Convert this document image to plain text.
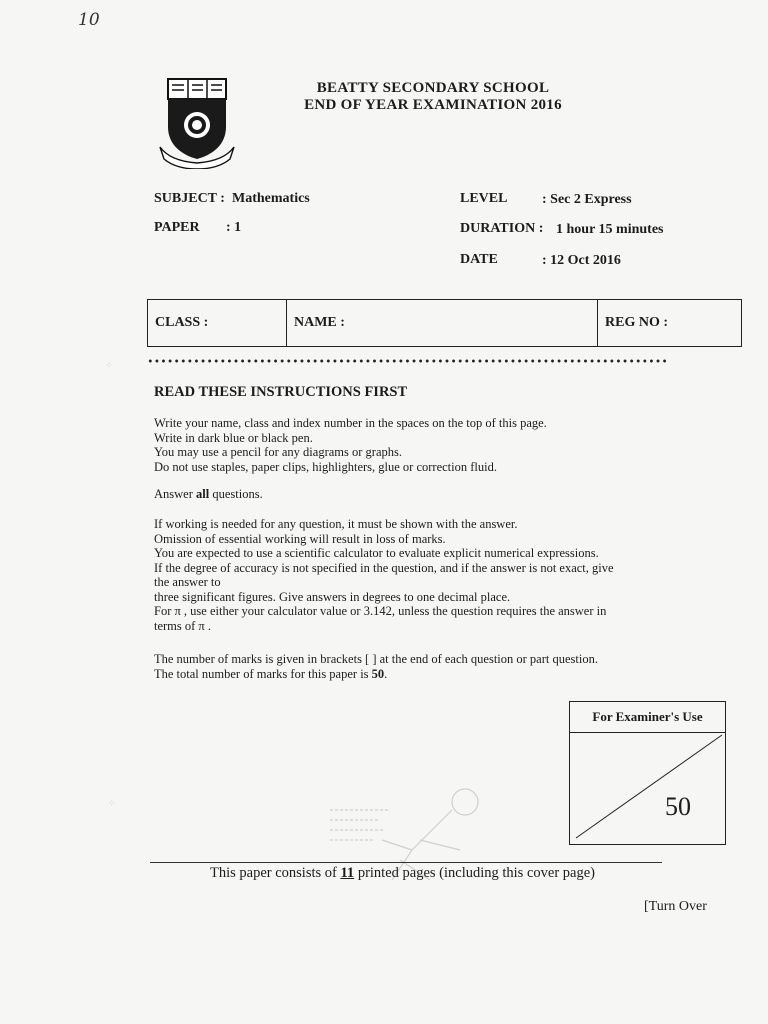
10
BEATTY SECONDARY SCHOOL
END OF YEAR EXAMINATION 2016
SUBJECT : Mathematics
PAPER : 1
LEVEL : Sec 2 Express
DURATION : 1 hour 15 minutes
DATE	: 12 Oct 2016
CLASS :	NAME :	REG NO :
READ THESE INSTRUCTIONS FIRST
Write your name, class and index number in the spaces on the top of this page.
Write in dark blue or black pen.
You may use a pencil for any diagrams or graphs.
Do not use staples, paper clips, highlighters, glue or correction fluid.
Answer all questions.
If working is needed for any question, it must be shown with the answer.
Omission of essential working will result in loss of marks.
You are expected to use a scientific calculator to evaluate explicit numerical expressions.
If the degree of accuracy is not specified in the question, and if the answer is not exact, give
the answer to
three significant figures. Give answers in degrees to one decimal place.
For π , use either your calculator value or 3.142, unless the question requires the answer in
terms of π .
The number of marks is given in brackets [ ] at the end of each question or part question.
The total number of marks for this paper is 50.
For Examiner's Use
50
This paper consists of 11 printed pages (including this cover page)
[Turn Over
⁘
⁘
